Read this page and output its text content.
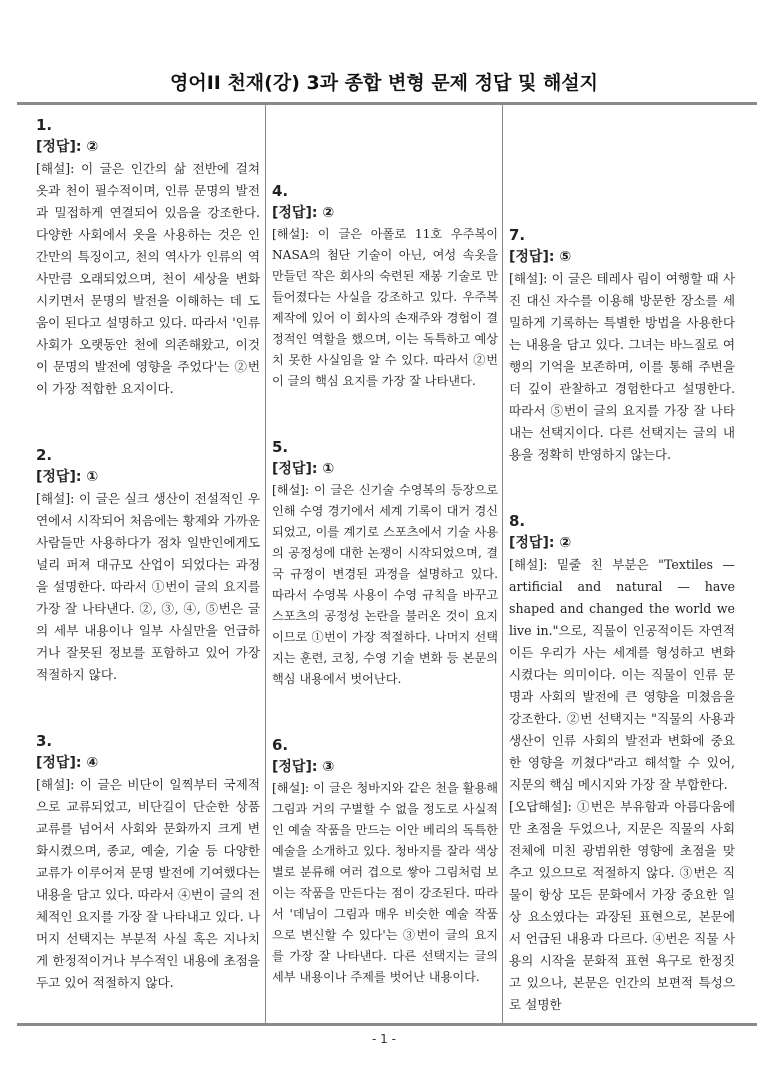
영어II 천재(강) 3과 종합 변형 문제 정답 및 해설지
1.
[정답]: ②
[해설]: 이 글은 인간의 삶 전반에 걸쳐 옷과 천이 필수적이며, 인류 문명의 발전과 밀접하게 연결되어 있음을 강조한다. 다양한 사회에서 옷을 사용하는 것은 인간만의 특징이고, 천의 역사가 인류의 역사만큼 오래되었으며, 천이 세상을 변화시키면서 문명의 발전을 이해하는 데 도움이 된다고 설명하고 있다. 따라서 '인류 사회가 오랫동안 천에 의존해왔고, 이것이 문명의 발전에 영향을 주었다'는 ②번이 가장 적합한 요지이다.
2.
[정답]: ①
[해설]: 이 글은 실크 생산이 전설적인 우연에서 시작되어 처음에는 황제와 가까운 사람들만 사용하다가 점차 일반인에게도 널리 퍼져 대규모 산업이 되었다는 과정을 설명한다. 따라서 ①번이 글의 요지를 가장 잘 나타낸다. ②, ③, ④, ⑤번은 글의 세부 내용이나 일부 사실만을 언급하거나 잘못된 정보를 포함하고 있어 가장 적절하지 않다.
3.
[정답]: ④
[해설]: 이 글은 비단이 일찍부터 국제적으로 교류되었고, 비단길이 단순한 상품 교류를 넘어서 사회와 문화까지 크게 변화시켰으며, 종교, 예술, 기술 등 다양한 교류가 이루어져 문명 발전에 기여했다는 내용을 담고 있다. 따라서 ④번이 글의 전체적인 요지를 가장 잘 나타내고 있다. 나머지 선택지는 부분적 사실 혹은 지나치게 한정적이거나 부수적인 내용에 초점을 두고 있어 적절하지 않다.
4.
[정답]: ②
[해설]: 이 글은 아폴로 11호 우주복이 NASA의 첨단 기술이 아닌, 여성 속옷을 만들던 작은 회사의 숙련된 재봉 기술로 만들어졌다는 사실을 강조하고 있다. 우주복 제작에 있어 이 회사의 손재주와 경험이 결정적인 역할을 했으며, 이는 독특하고 예상치 못한 사실임을 알 수 있다. 따라서 ②번이 글의 핵심 요지를 가장 잘 나타낸다.
5.
[정답]: ①
[해설]: 이 글은 신기술 수영복의 등장으로 인해 수영 경기에서 세계 기록이 대거 경신되었고, 이를 계기로 스포츠에서 기술 사용의 공정성에 대한 논쟁이 시작되었으며, 결국 규정이 변경된 과정을 설명하고 있다. 따라서 수영복 사용이 수영 규칙을 바꾸고 스포츠의 공정성 논란을 불러온 것이 요지이므로 ①번이 가장 적절하다. 나머지 선택지는 훈련, 코칭, 수영 기술 변화 등 본문의 핵심 내용에서 벗어난다.
6.
[정답]: ③
[해설]: 이 글은 청바지와 같은 천을 활용해 그림과 거의 구별할 수 없을 정도로 사실적인 예술 작품을 만드는 이안 베리의 독특한 예술을 소개하고 있다. 청바지를 잘라 색상별로 분류해 여러 겹으로 쌓아 그림처럼 보이는 작품을 만든다는 점이 강조된다. 따라서 '데님이 그림과 매우 비슷한 예술 작품으로 변신할 수 있다'는 ③번이 글의 요지를 가장 잘 나타낸다. 다른 선택지는 글의 세부 내용이나 주제를 벗어난 내용이다.
7.
[정답]: ⑤
[해설]: 이 글은 테레사 림이 여행할 때 사진 대신 자수를 이용해 방문한 장소를 세밀하게 기록하는 특별한 방법을 사용한다는 내용을 담고 있다. 그녀는 바느질로 여행의 기억을 보존하며, 이를 통해 주변을 더 깊이 관찰하고 경험한다고 설명한다. 따라서 ⑤번이 글의 요지를 가장 잘 나타내는 선택지이다. 다른 선택지는 글의 내용을 정확히 반영하지 않는다.
8.
[정답]: ②
[해설]: 밑줄 친 부분은 "Textiles — artificial and natural — have shaped and changed the world we live in."으로, 직물이 인공적이든 자연적이든 우리가 사는 세계를 형성하고 변화시켰다는 의미이다. 이는 직물이 인류 문명과 사회의 발전에 큰 영향을 미쳤음을 강조한다. ②번 선택지는 "직물의 사용과 생산이 인류 사회의 발전과 변화에 중요한 영향을 끼쳤다"라고 해석할 수 있어, 지문의 핵심 메시지와 가장 잘 부합한다.
[오답해설]: ①번은 부유함과 아름다움에만 초점을 두었으나, 지문은 직물의 사회 전체에 미친 광범위한 영향에 초점을 맞추고 있으므로 적절하지 않다. ③번은 직물이 항상 모든 문화에서 가장 중요한 일상 요소였다는 과장된 표현으로, 본문에서 언급된 내용과 다르다. ④번은 직물 사용의 시작을 문화적 표현 욕구로 한정짓고 있으나, 본문은 인간의 보편적 특성으로 설명한
- 1 -
